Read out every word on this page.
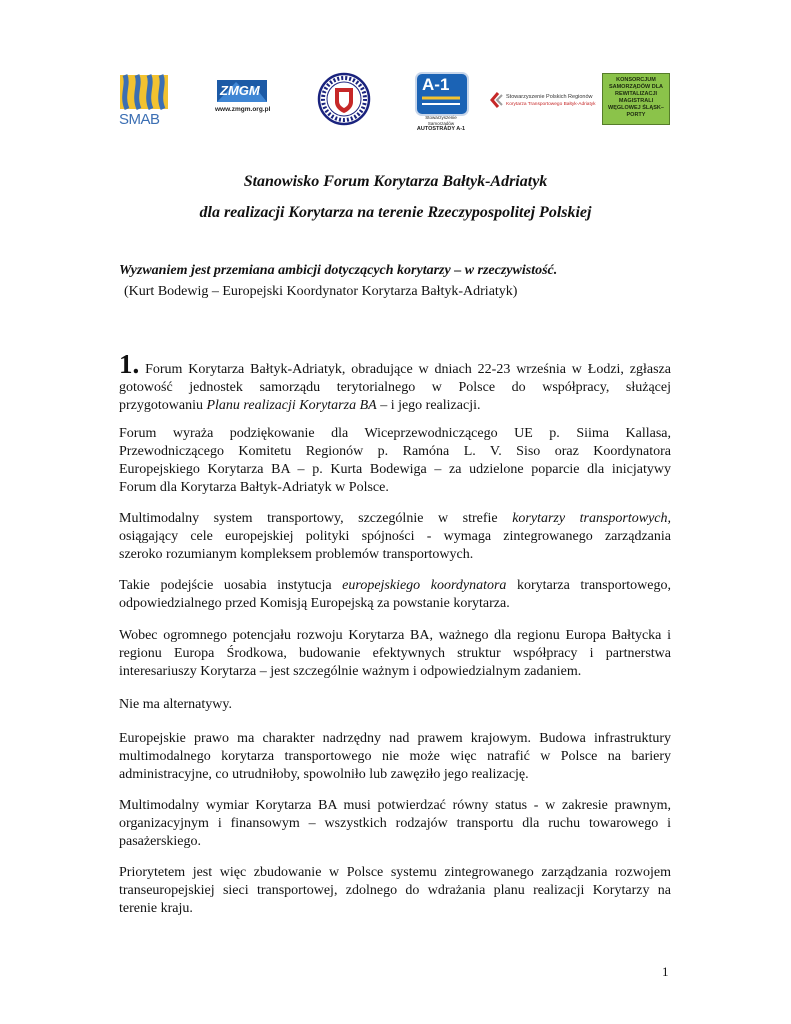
SMAB
ZMGM
www.zmgm.org.pl
A-1
Stowarzyszenie Samorządów
AUTOSTRADY A-1
Stowarzyszenie Polskich Regionów
Korytarza Transportowego Bałtyk-Adriatyk
KONSORCJUM SAMORZĄDÓW DLA REWITALIZACJI MAGISTRALI WĘGLOWEJ ŚLĄSK–PORTY
Stanowisko Forum Korytarza Bałtyk-Adriatyk
dla realizacji Korytarza na terenie Rzeczypospolitej Polskiej
Wyzwaniem jest przemiana ambicji dotyczących korytarzy – w rzeczywistość.
(Kurt Bodewig – Europejski Koordynator Korytarza Bałtyk-Adriatyk)
1. Forum Korytarza Bałtyk-Adriatyk, obradujące w dniach 22-23 września w Łodzi, zgłasza
gotowość jednostek samorządu terytorialnego w Polsce do współpracy, służącej
przygotowaniu Planu realizacji Korytarza BA – i jego realizacji.
Forum wyraża podziękowanie dla Wiceprzewodniczącego UE p. Siima Kallasa,
Przewodniczącego Komitetu Regionów p. Ramóna L. V. Siso oraz Koordynatora
Europejskiego Korytarza BA – p. Kurta Bodewiga – za udzielone poparcie dla inicjatywy
Forum dla Korytarza Bałtyk-Adriatyk w Polsce.
Multimodalny system transportowy, szczególnie w strefie korytarzy transportowych,
osiągający cele europejskiej polityki spójności - wymaga zintegrowanego zarządzania
szeroko rozumianym kompleksem problemów transportowych.
Takie podejście uosabia instytucja europejskiego koordynatora korytarza transportowego,
odpowiedzialnego przed Komisją Europejską za powstanie korytarza.
Wobec ogromnego potencjału rozwoju Korytarza BA, ważnego dla regionu Europa Bałtycka i
regionu Europa Środkowa, budowanie efektywnych struktur współpracy i partnerstwa
interesariuszy Korytarza – jest szczególnie ważnym i odpowiedzialnym zadaniem.
Nie ma alternatywy.
Europejskie prawo ma charakter nadrzędny nad prawem krajowym. Budowa infrastruktury
multimodalnego korytarza transportowego nie może więc natrafić w Polsce na bariery
administracyjne, co utrudniłoby, spowolniło lub zawęziło jego realizację.
Multimodalny wymiar Korytarza BA musi potwierdzać równy status - w zakresie prawnym,
organizacyjnym i finansowym – wszystkich rodzajów transportu dla ruchu towarowego i
pasażerskiego.
Priorytetem jest więc zbudowanie w Polsce systemu zintegrowanego zarządzania rozwojem
transeuropejskiej sieci transportowej, zdolnego do wdrażania planu realizacji Korytarzy na
terenie kraju.
1
